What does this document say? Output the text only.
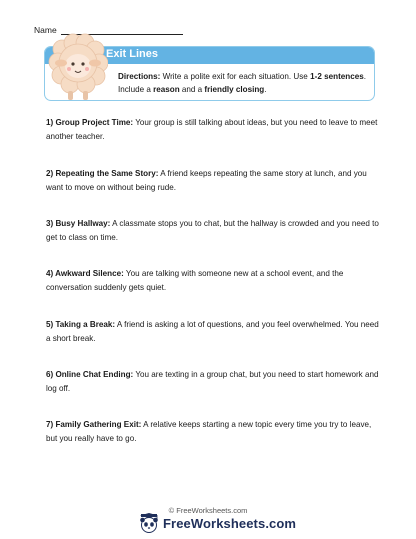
Name
Exit Lines
Directions: Write a polite exit for each situation. Use 1-2 sentences. Include a reason and a friendly closing.
1) Group Project Time: Your group is still talking about ideas, but you need to leave to meet another teacher.
2) Repeating the Same Story: A friend keeps repeating the same story at lunch, and you want to move on without being rude.
3) Busy Hallway: A classmate stops you to chat, but the hallway is crowded and you need to get to class on time.
4) Awkward Silence: You are talking with someone new at a school event, and the conversation suddenly gets quiet.
5) Taking a Break: A friend is asking a lot of questions, and you feel overwhelmed. You need a short break.
6) Online Chat Ending: You are texting in a group chat, but you need to start homework and log off.
7) Family Gathering Exit: A relative keeps starting a new topic every time you try to leave, but you really have to go.
© FreeWorksheets.com
FreeWorksheets.com
